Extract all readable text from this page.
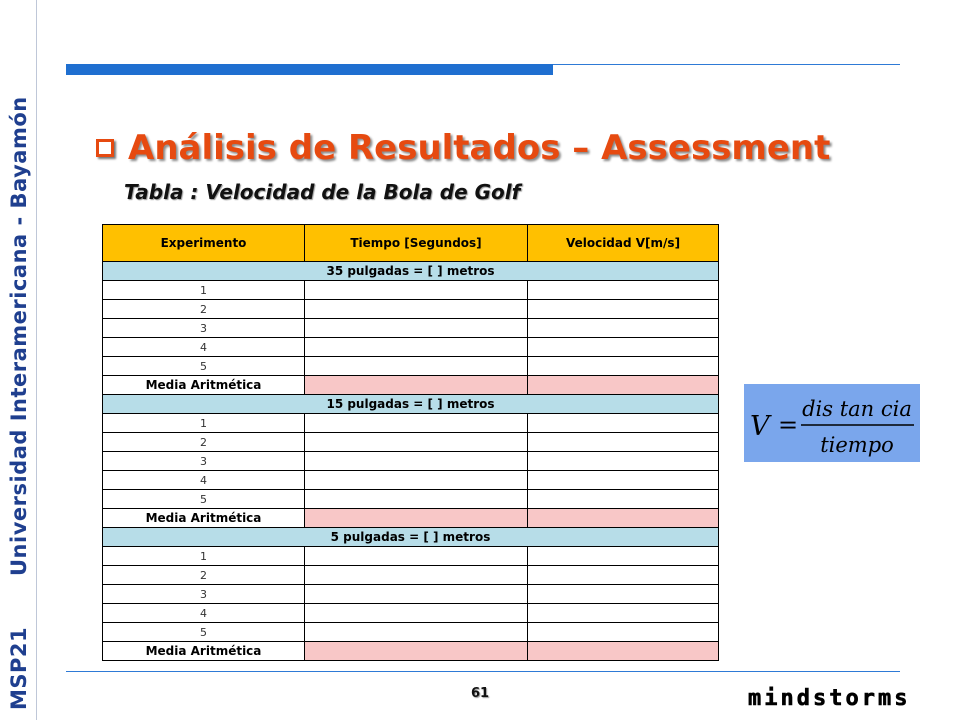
MSP21
Universidad Interamericana - Bayamón	Análisis de Resultados – Assessment
Tabla : Velocidad de la Bola de Golf
Experimento	Tiempo [Segundos]	Velocidad V[m/s]
35 pulgadas = [ ] metros		
1		
2		
3		
4		
5		
Media Aritmética		
15 pulgadas = [ ] metros		
1		
2		
3		
4		
5		
Media Aritmética		
5 pulgadas = [ ] metros		
1		
2		
3		
4		
5		
Media Aritmética		
V =
dis tan cia
tiempo
61	mindstorms
